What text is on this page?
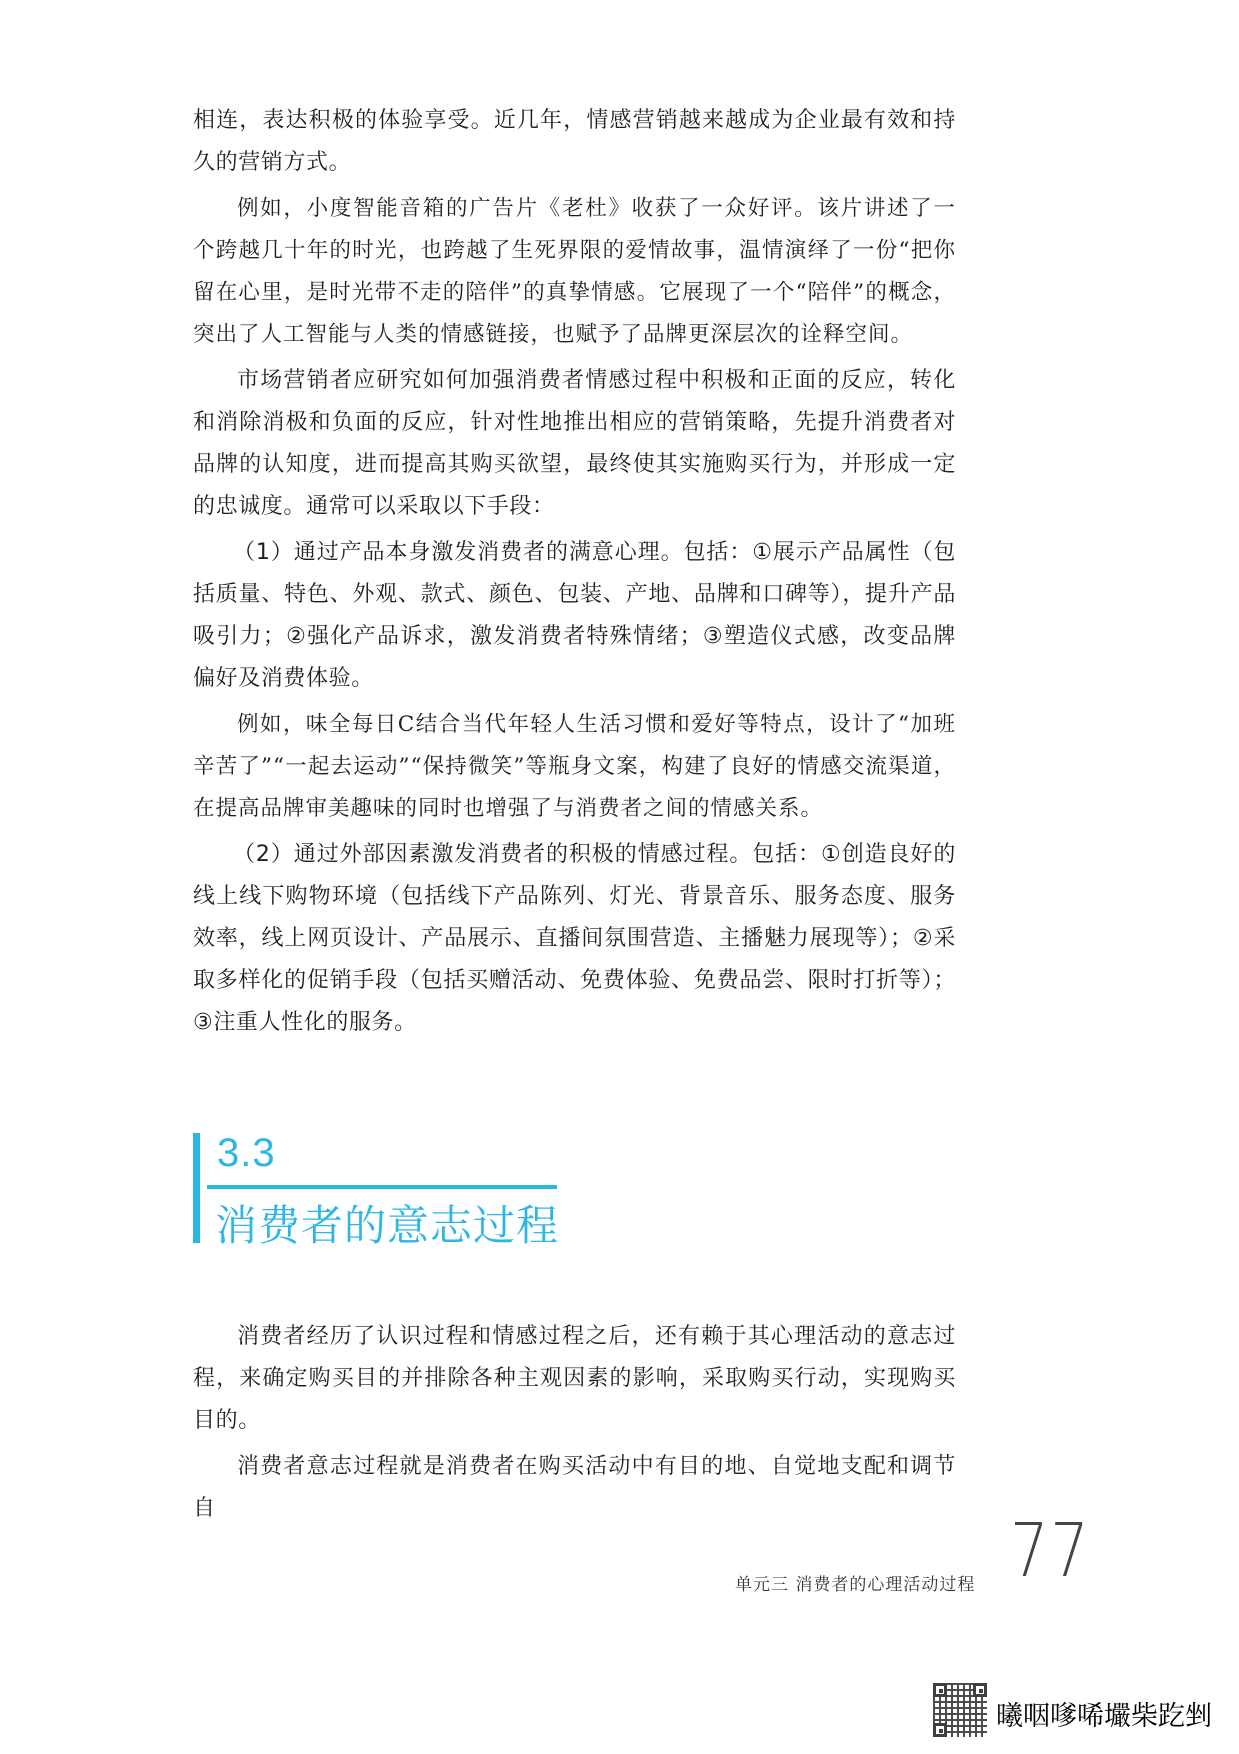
相连，表达积极的体验享受。近几年，情感营销越来越成为企业最有效和持久的营销方式。

例如，小度智能音箱的广告片《老杜》收获了一众好评。该片讲述了一个跨越几十年的时光，也跨越了生死界限的爱情故事，温情演绎了一份“把你留在心里，是时光带不走的陪伴”的真挚情感。它展现了一个“陪伴”的概念，突出了人工智能与人类的情感链接，也赋予了品牌更深层次的诠释空间。

市场营销者应研究如何加强消费者情感过程中积极和正面的反应，转化和消除消极和负面的反应，针对性地推出相应的营销策略，先提升消费者对品牌的认知度，进而提高其购买欲望，最终使其实施购买行为，并形成一定的忠诚度。通常可以采取以下手段：

（1）通过产品本身激发消费者的满意心理。包括：①展示产品属性（包括质量、特色、外观、款式、颜色、包装、产地、品牌和口碑等），提升产品吸引力；②强化产品诉求，激发消费者特殊情绪；③塑造仪式感，改变品牌偏好及消费体验。

例如，味全每日C结合当代年轻人生活习惯和爱好等特点，设计了“加班辛苦了”“一起去运动”“保持微笑”等瓶身文案，构建了良好的情感交流渠道，在提高品牌审美趣味的同时也增强了与消费者之间的情感关系。

（2）通过外部因素激发消费者的积极的情感过程。包括：①创造良好的线上线下购物环境（包括线下产品陈列、灯光、背景音乐、服务态度、服务效率，线上网页设计、产品展示、直播间氛围营造、主播魅力展现等）；②采取多样化的促销手段（包括买赠活动、免费体验、免费品尝、限时打折等）；③注重人性化的服务。

3.3
消费者的意志过程

消费者经历了认识过程和情感过程之后，还有赖于其心理活动的意志过程，来确定购买目的并排除各种主观因素的影响，采取购买行动，实现购买目的。

消费者意志过程就是消费者在购买活动中有目的地、自觉地支配和调节自

单元三 消费者的心理活动过程 77
曦咽嗲唏壧柴趷剉
